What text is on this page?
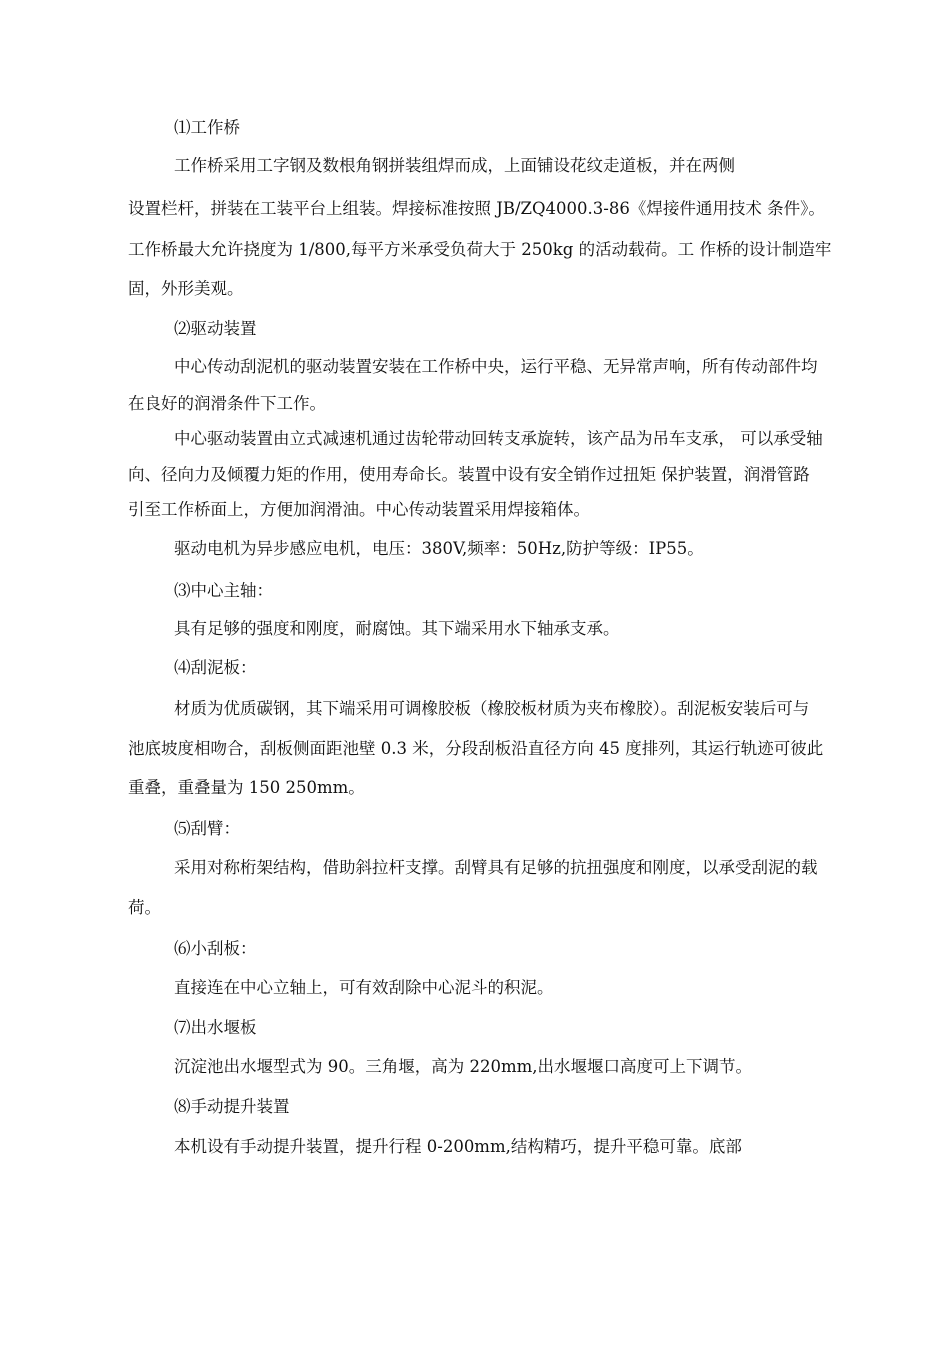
⑴工作桥
工作桥采用工字钢及数根角钢拼装组焊而成，上面铺设花纹走道板，并在两侧
设置栏杆，拼装在工装平台上组装。焊接标准按照 JB/ZQ4000.3-86《焊接件通用技术 条件》。
工作桥最大允许挠度为 1/800,每平方米承受负荷大于 250kg 的活动载荷。工 作桥的设计制造牢
固，外形美观。
⑵驱动装置
中心传动刮泥机的驱动装置安装在工作桥中央，运行平稳、无异常声响，所有传动部件均
在良好的润滑条件下工作。
中心驱动装置由立式减速机通过齿轮带动回转支承旋转，该产品为吊车支承， 可以承受轴
向、径向力及倾覆力矩的作用，使用寿命长。装置中设有安全销作过扭矩 保护装置，润滑管路
引至工作桥面上，方便加润滑油。中心传动装置采用焊接箱体。
驱动电机为异步感应电机，电压：380V,频率：50Hz,防护等级：IP55。
⑶中心主轴：
具有足够的强度和刚度，耐腐蚀。其下端采用水下轴承支承。
⑷刮泥板：
材质为优质碳钢，其下端采用可调橡胶板（橡胶板材质为夹布橡胶）。刮泥板安装后可与
池底坡度相吻合，刮板侧面距池壁 0.3 米，分段刮板沿直径方向 45 度排列，其运行轨迹可彼此
重叠，重叠量为 150 250mm。
⑸刮臂：
采用对称桁架结构，借助斜拉杆支撑。刮臂具有足够的抗扭强度和刚度，以承受刮泥的载
荷。
⑹小刮板：
直接连在中心立轴上，可有效刮除中心泥斗的积泥。
⑺出水堰板
沉淀池出水堰型式为 90。三角堰，高为 220mm,出水堰堰口高度可上下调节。
⑻手动提升装置
本机设有手动提升装置，提升行程 0-200mm,结构精巧，提升平稳可靠。底部
